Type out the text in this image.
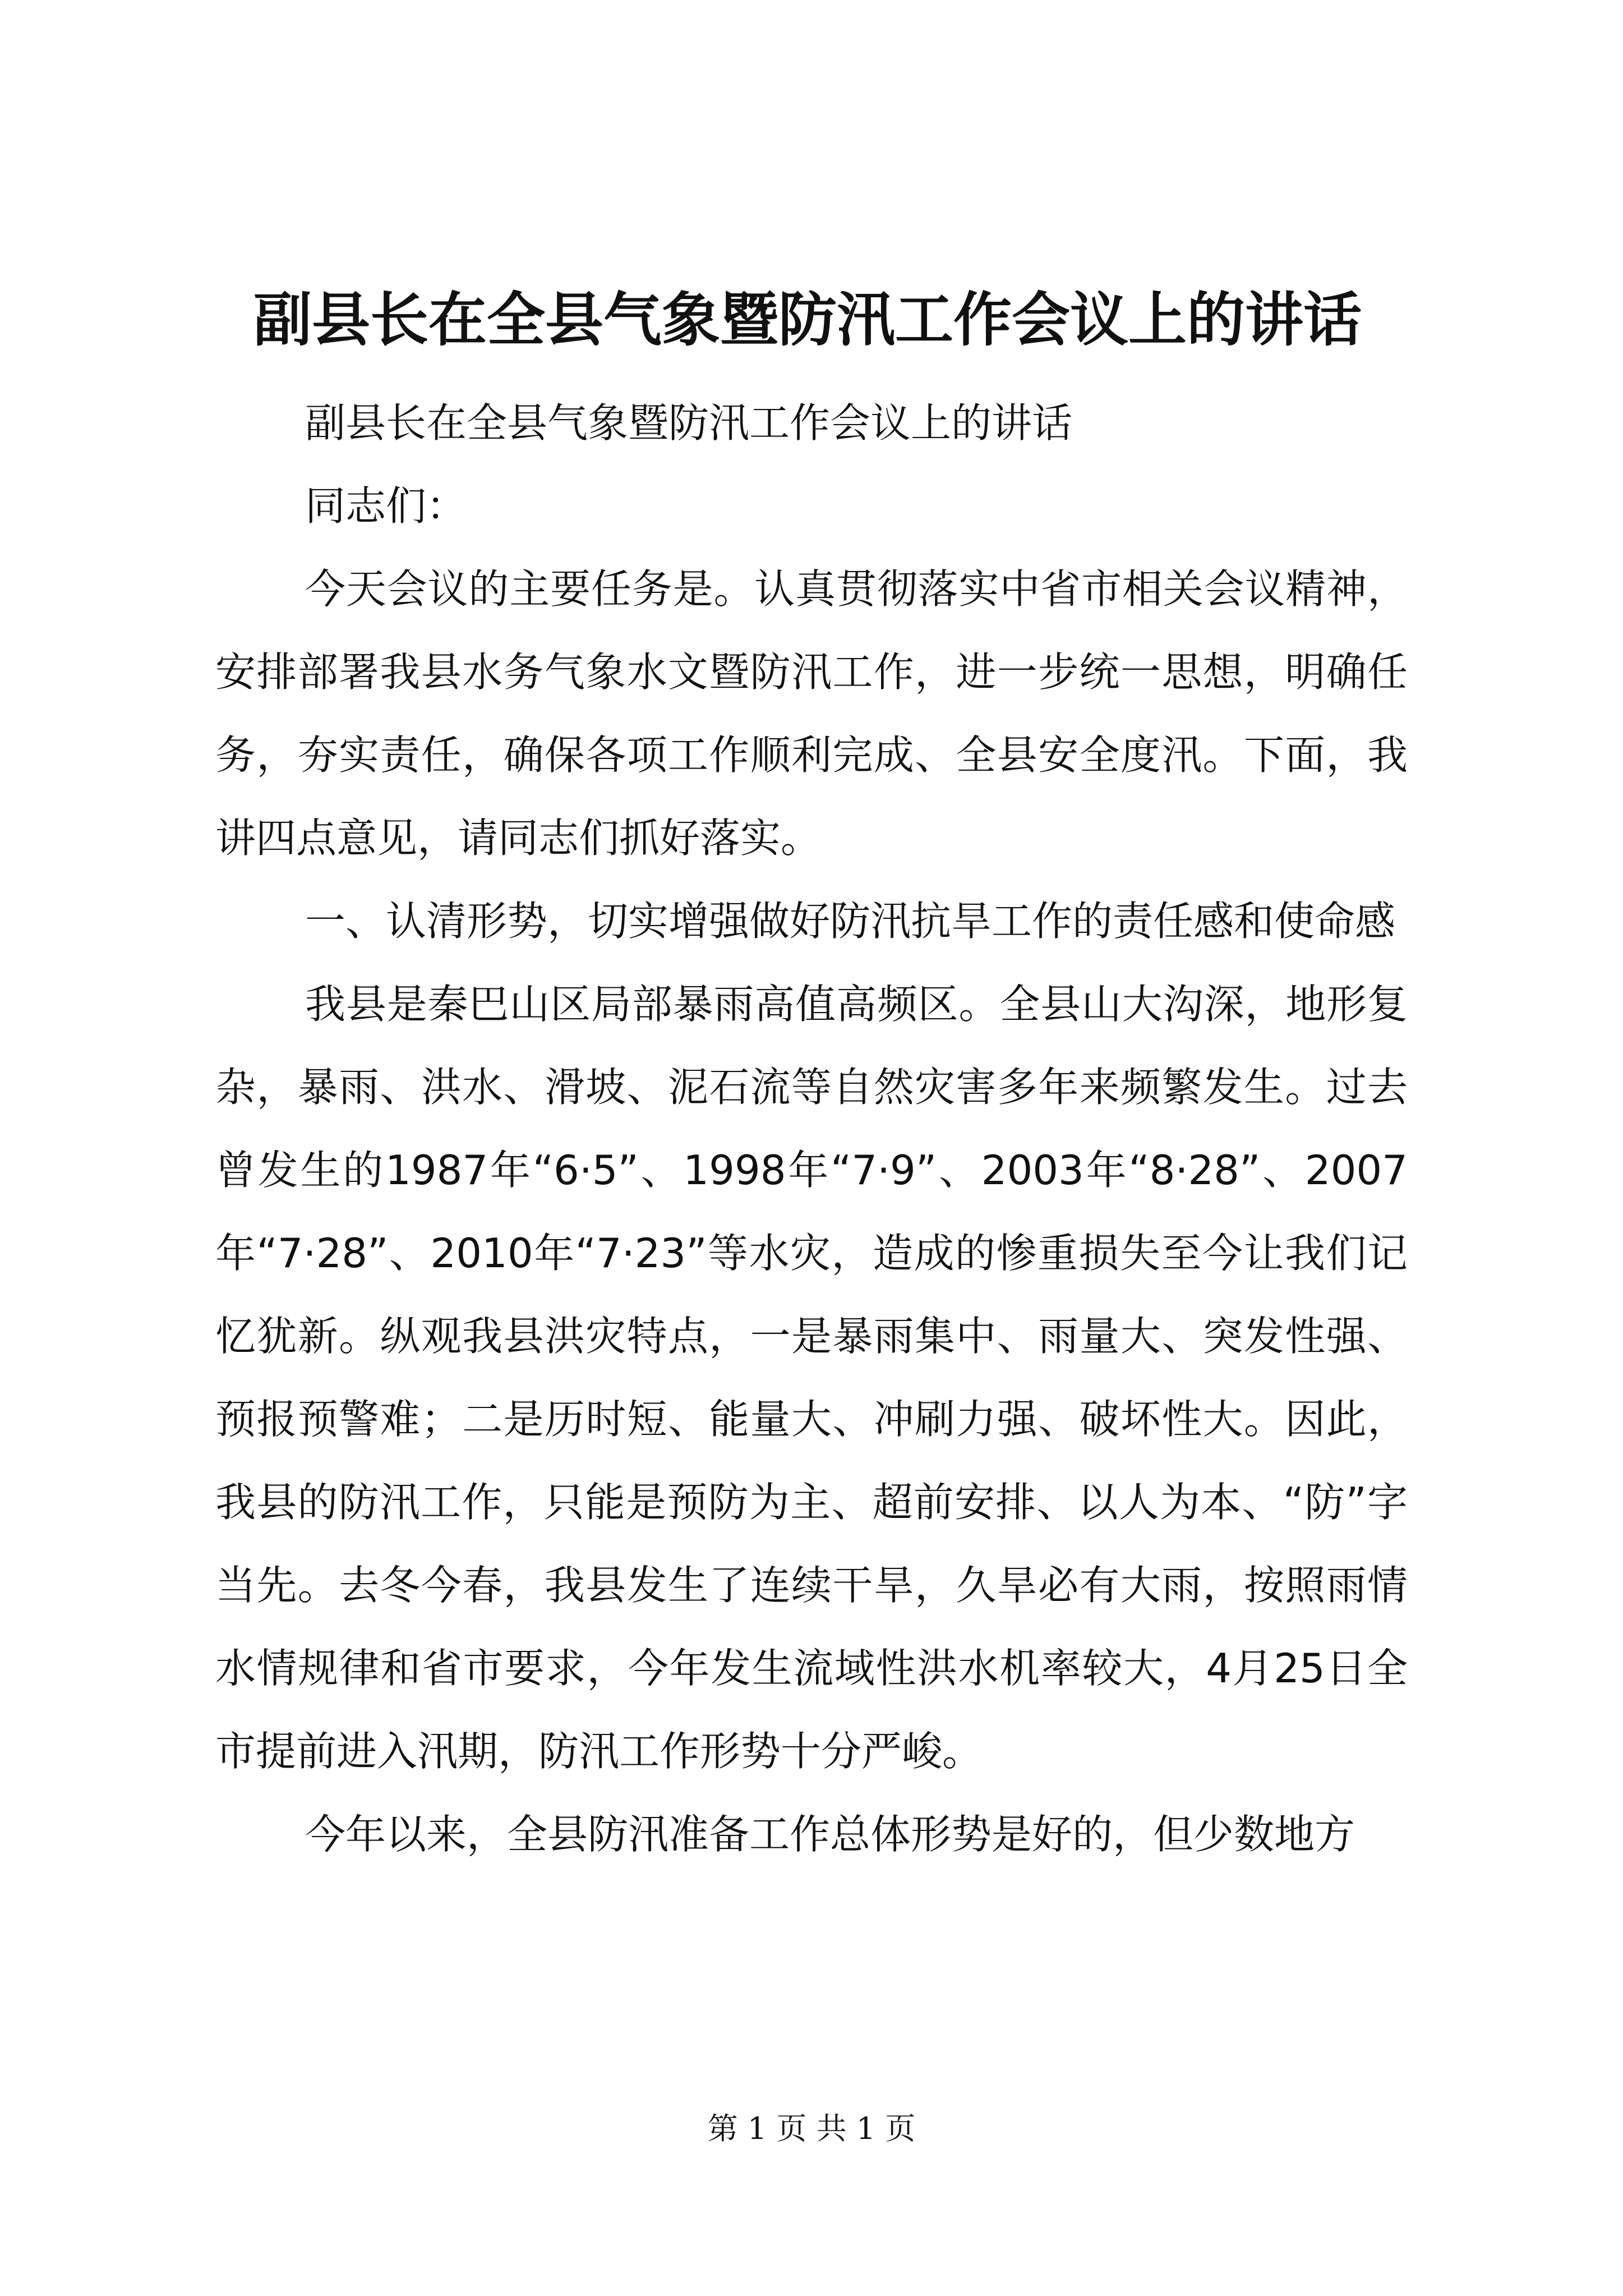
副县长在全县气象暨防汛工作会议上的讲话

副县长在全县气象暨防汛工作会议上的讲话

同志们：

今天会议的主要任务是。认真贯彻落实中省市相关会议精神，安排部署我县水务气象水文暨防汛工作，进一步统一思想，明确任务，夯实责任，确保各项工作顺利完成、全县安全度汛。下面，我讲四点意见，请同志们抓好落实。

一、认清形势，切实增强做好防汛抗旱工作的责任感和使命感

我县是秦巴山区局部暴雨高值高频区。全县山大沟深，地形复杂，暴雨、洪水、滑坡、泥石流等自然灾害多年来频繁发生。过去曾发生的1987年“6·5”、1998年“7·9”、2003年“8·28”、2007年“7·28”、2010年“7·23”等水灾，造成的惨重损失至今让我们记忆犹新。纵观我县洪灾特点，一是暴雨集中、雨量大、突发性强、预报预警难；二是历时短、能量大、冲刷力强、破坏性大。因此，我县的防汛工作，只能是预防为主、超前安排、以人为本、“防”字当先。去冬今春，我县发生了连续干旱，久旱必有大雨，按照雨情水情规律和省市要求，今年发生流域性洪水机率较大，4月25日全市提前进入汛期，防汛工作形势十分严峻。

今年以来，全县防汛准备工作总体形势是好的，但少数地方

第 1 页 共 1 页
